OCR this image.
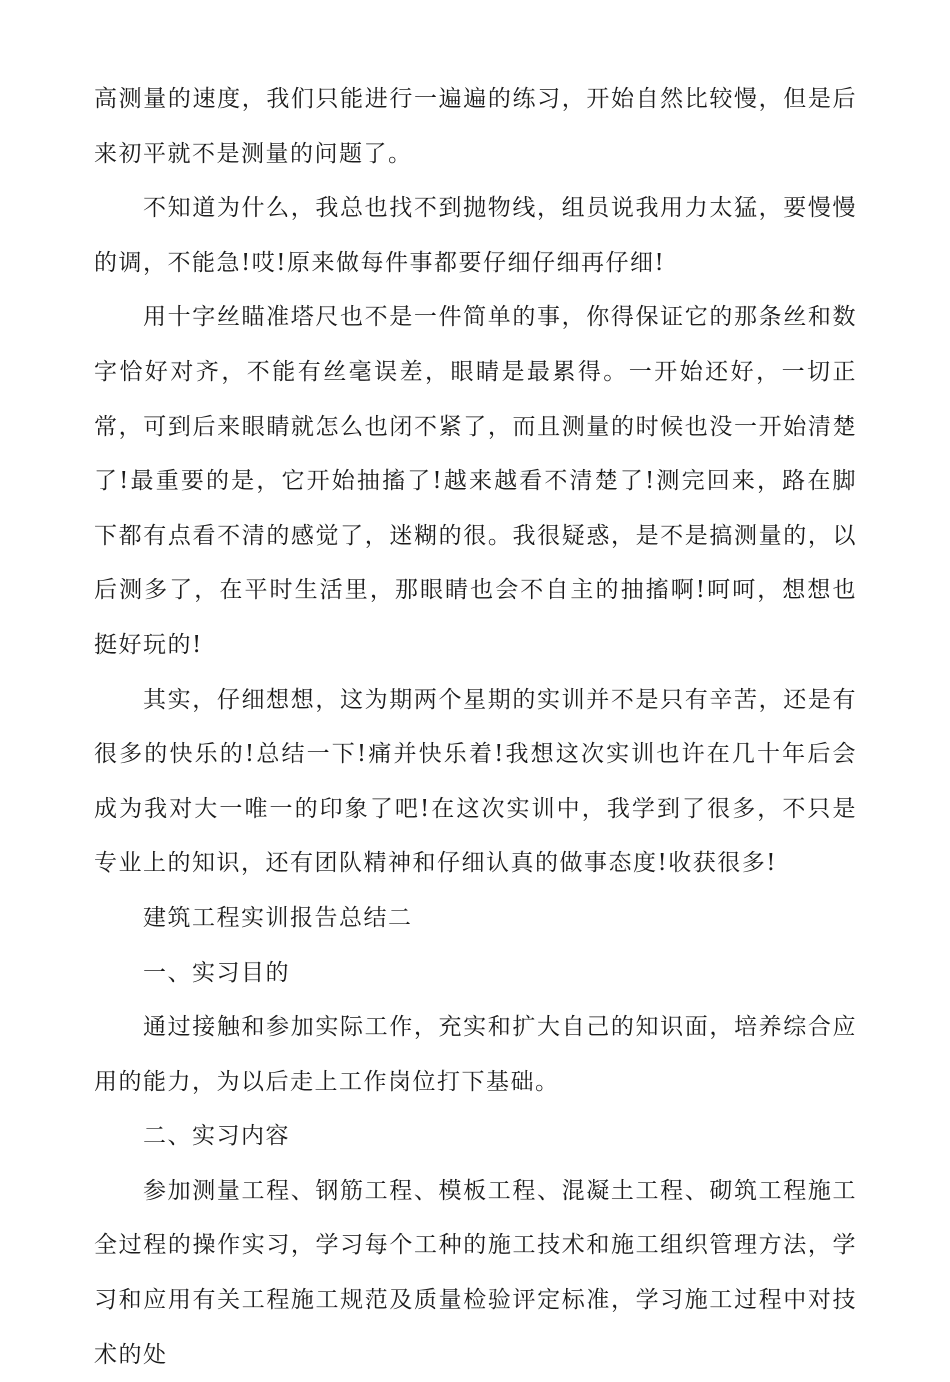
高测量的速度，我们只能进行一遍遍的练习，开始自然比较慢，但是后来初平就不是测量的问题了。

不知道为什么，我总也找不到抛物线，组员说我用力太猛，要慢慢的调，不能急!哎!原来做每件事都要仔细仔细再仔细!

用十字丝瞄准塔尺也不是一件简单的事，你得保证它的那条丝和数字恰好对齐，不能有丝毫误差，眼睛是最累得。一开始还好，一切正常，可到后来眼睛就怎么也闭不紧了，而且测量的时候也没一开始清楚了!最重要的是，它开始抽搐了!越来越看不清楚了!测完回来，路在脚下都有点看不清的感觉了，迷糊的很。我很疑惑，是不是搞测量的，以后测多了，在平时生活里，那眼睛也会不自主的抽搐啊!呵呵，想想也挺好玩的!

其实，仔细想想，这为期两个星期的实训并不是只有辛苦，还是有很多的快乐的!总结一下!痛并快乐着!我想这次实训也许在几十年后会成为我对大一唯一的印象了吧!在这次实训中，我学到了很多，不只是专业上的知识，还有团队精神和仔细认真的做事态度!收获很多!

建筑工程实训报告总结二

一、实习目的

通过接触和参加实际工作，充实和扩大自己的知识面，培养综合应用的能力，为以后走上工作岗位打下基础。

二、实习内容

参加测量工程、钢筋工程、模板工程、混凝土工程、砌筑工程施工全过程的操作实习，学习每个工种的施工技术和施工组织管理方法，学习和应用有关工程施工规范及质量检验评定标准，学习施工过程中对技术的处
